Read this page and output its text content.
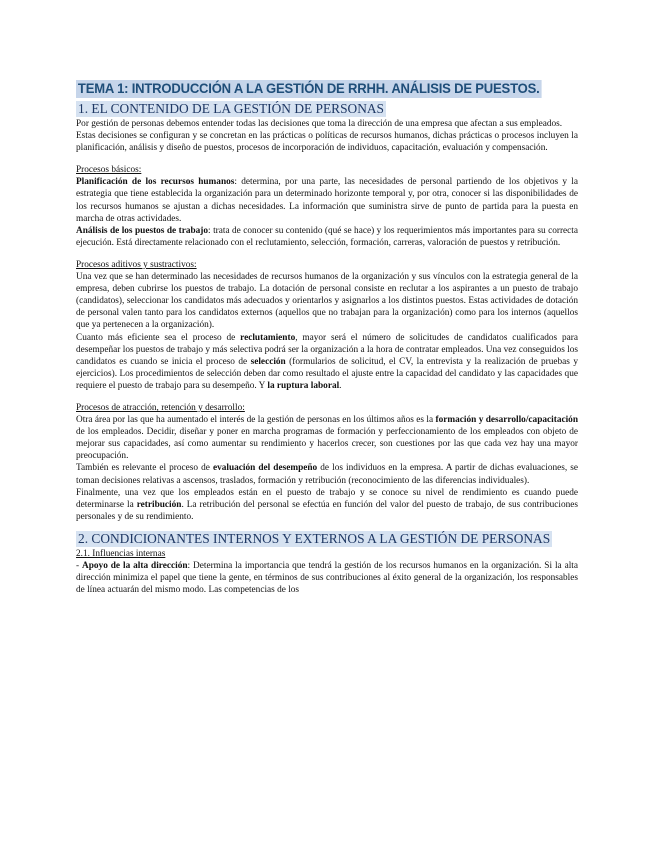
TEMA 1: INTRODUCCIÓN A LA GESTIÓN DE RRHH. ANÁLISIS DE PUESTOS.
1. EL CONTENIDO DE LA GESTIÓN DE PERSONAS

Por gestión de personas debemos entender todas las decisiones que toma la dirección de una empresa que afectan a sus empleados.

Estas decisiones se configuran y se concretan en las prácticas o políticas de recursos humanos, dichas prácticas o procesos incluyen la planificación, análisis y diseño de puestos, procesos de incorporación de individuos, capacitación, evaluación y compensación.

Procesos básicos:

Planificación de los recursos humanos: determina, por una parte, las necesidades de personal partiendo de los objetivos y la estrategia que tiene establecida la organización para un determinado horizonte temporal y, por otra, conocer si las disponibilidades de los recursos humanos se ajustan a dichas necesidades. La información que suministra sirve de punto de partida para la puesta en marcha de otras actividades.

Análisis de los puestos de trabajo: trata de conocer su contenido (qué se hace) y los requerimientos más importantes para su correcta ejecución. Está directamente relacionado con el reclutamiento, selección, formación, carreras, valoración de puestos y retribución.

Procesos aditivos y sustractivos:

Una vez que se han determinado las necesidades de recursos humanos de la organización y sus vínculos con la estrategia general de la empresa, deben cubrirse los puestos de trabajo. La dotación de personal consiste en reclutar a los aspirantes a un puesto de trabajo (candidatos), seleccionar los candidatos más adecuados y orientarlos y asignarlos a los distintos puestos. Estas actividades de dotación de personal valen tanto para los candidatos externos (aquellos que no trabajan para la organización) como para los internos (aquellos que ya pertenecen a la organización).

Cuanto más eficiente sea el proceso de reclutamiento, mayor será el número de solicitudes de candidatos cualificados para desempeñar los puestos de trabajo y más selectiva podrá ser la organización a la hora de contratar empleados. Una vez conseguidos los candidatos es cuando se inicia el proceso de selección (formularios de solicitud, el CV, la entrevista y la realización de pruebas y ejercicios). Los procedimientos de selección deben dar como resultado el ajuste entre la capacidad del candidato y las capacidades que requiere el puesto de trabajo para su desempeño. Y la ruptura laboral.

Procesos de atracción, retención y desarrollo:

Otra área por las que ha aumentado el interés de la gestión de personas en los últimos años es la formación y desarrollo/capacitación de los empleados. Decidir, diseñar y poner en marcha programas de formación y perfeccionamiento de los empleados con objeto de mejorar sus capacidades, así como aumentar su rendimiento y hacerlos crecer, son cuestiones por las que cada vez hay una mayor preocupación.

También es relevante el proceso de evaluación del desempeño de los individuos en la empresa. A partir de dichas evaluaciones, se toman decisiones relativas a ascensos, traslados, formación y retribución (reconocimiento de las diferencias individuales).

Finalmente, una vez que los empleados están en el puesto de trabajo y se conoce su nivel de rendimiento es cuando puede determinarse la retribución. La retribución del personal se efectúa en función del valor del puesto de trabajo, de sus contribuciones personales y de su rendimiento.

2. CONDICIONANTES INTERNOS Y EXTERNOS A LA GESTIÓN DE PERSONAS
2.1. Influencias internas

- Apoyo de la alta dirección: Determina la importancia que tendrá la gestión de los recursos humanos en la organización. Si la alta dirección minimiza el papel que tiene la gente, en términos de sus contribuciones al éxito general de la organización, los responsables de línea actuarán del mismo modo. Las competencias de los
